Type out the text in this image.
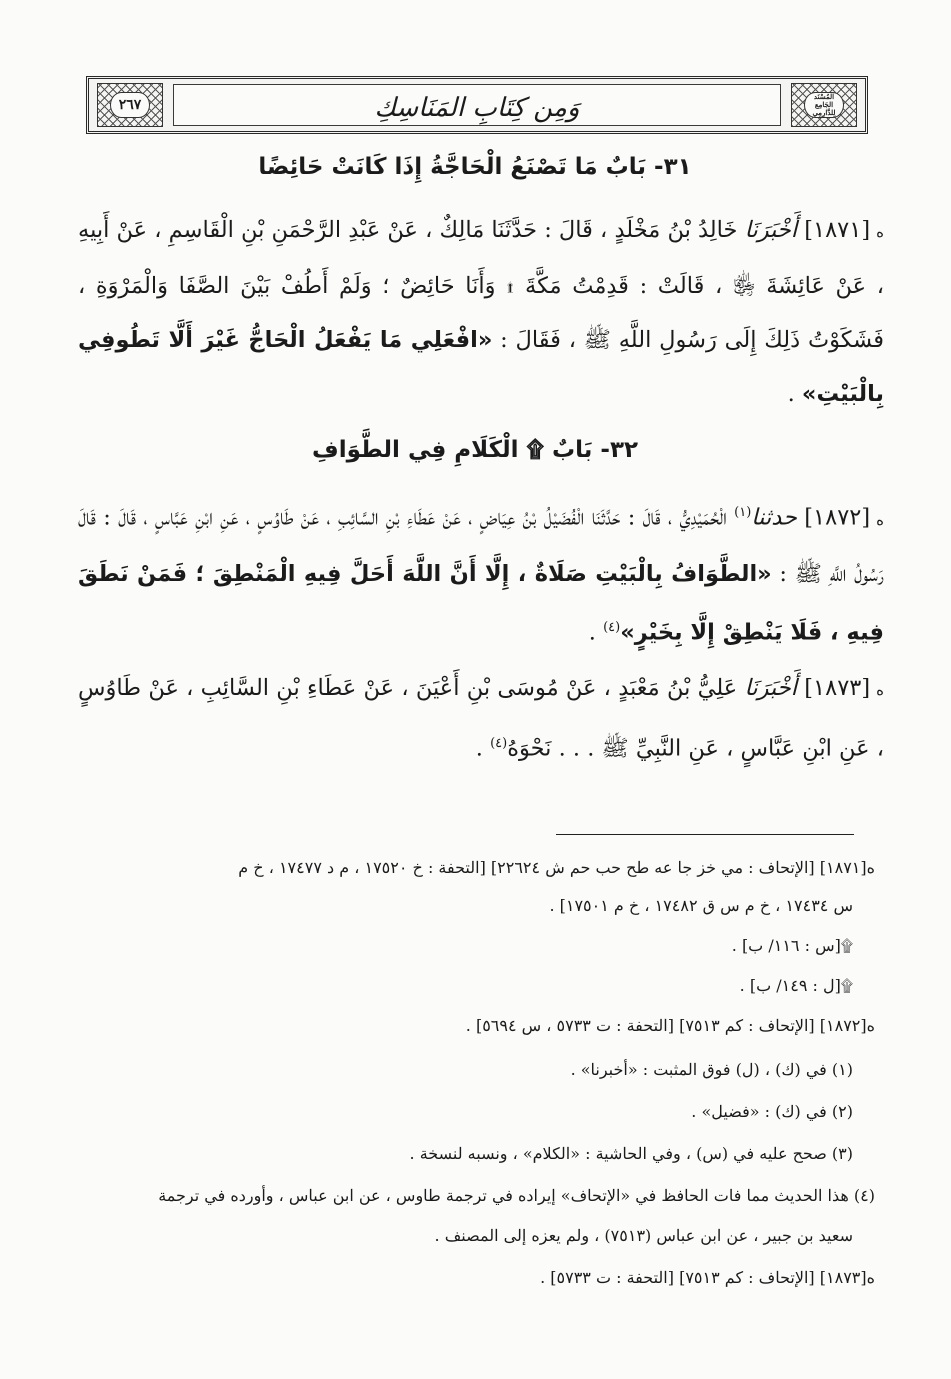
٢٦٧	وَمِن كِتَابِ المَنَاسِكِ	المُسْنَد الجَامِع لِلدَّارِمِي
٣١- بَابٌ مَا تَصْنَعُ الْحَاجَّةُ إِذَا كَانَتْ حَائِضًا
ه[١٨٧١] أَخْبَرَنَا خَالِدُ بْنُ مَخْلَدٍ ، قَالَ : حَدَّثَنَا مَالِكٌ ، عَنْ عَبْدِ الرَّحْمَنِ بْنِ الْقَاسِمِ ، عَنْ أَبِيهِ ، عَنْ عَائِشَةَ ﵂ ، قَالَتْ : قَدِمْتُ مَكَّةَ ۩ وَأَنَا حَائِضٌ ؛ وَلَمْ أَطُفْ بَيْنَ الصَّفَا وَالْمَرْوَةِ ، فَشَكَوْتُ ذَلِكَ إِلَى رَسُولِ اللَّهِ ﷺ ، فَقَالَ : «افْعَلِي مَا يَفْعَلُ الْحَاجُّ غَيْرَ أَلَّا تَطُوفِي بِالْبَيْتِ» .
٣٢- بَابٌ ۩ الْكَلَامِ فِي الطَّوَافِ
ه[١٨٧٢] حدثنا$^{(١)}$ الْحُمَيْدِيُّ ، قَالَ : حَدَّثَنَا الْفُضَيْلُ بْنُ عِيَاضٍ ، عَنْ عَطَاءِ بْنِ السَّائِبِ ، عَنْ طَاوُسٍ ، عَنِ ابْنِ عَبَّاسٍ ، قَالَ : قَالَ رَسُولُ اللَّهِ ﷺ : «الطَّوَافُ بِالْبَيْتِ صَلَاةٌ ، إِلَّا أَنَّ اللَّهَ أَحَلَّ فِيهِ الْمَنْطِقَ ؛ فَمَنْ نَطَقَ فِيهِ ، فَلَا يَنْطِقْ إِلَّا بِخَيْرٍ»$^{(٤)}$ .
ه[١٨٧٣] أَخْبَرَنَا عَلِيُّ بْنُ مَعْبَدٍ ، عَنْ مُوسَى بْنِ أَعْيَنَ ، عَنْ عَطَاءِ بْنِ السَّائِبِ ، عَنْ طَاوُسٍ ، عَنِ ابْنِ عَبَّاسٍ ، عَنِ النَّبِيِّ ﷺ . . . نَحْوَهُ$^{(٤)}$ .
ه[١٨٧١] [الإتحاف : مي خز جا عه طح حب حم ش ٢٢٦٢٤] [التحفة : خ ١٧٥٢٠ ، م د ١٧٤٧٧ ، خ م
س ١٧٤٣٤ ، خ م س ق ١٧٤٨٢ ، خ م ١٧٥٠١] .
۩[س : ١١٦/ ب] .
۩[ل : ١٤٩/ ب] .
ه[١٨٧٢] [الإتحاف : كم ٧٥١٣] [التحفة : ت ٥٧٣٣ ، س ٥٦٩٤] .
(١) في (ك) ، (ل) فوق المثبت : «أخبرنا» .
(٢) في (ك) : «فضيل» .
(٣) صحح عليه في (س) ، وفي الحاشية : «الكلام» ، ونسبه لنسخة .
(٤) هذا الحديث مما فات الحافظ في «الإتحاف» إيراده في ترجمة طاوس ، عن ابن عباس ، وأورده في ترجمة
سعيد بن جبير ، عن ابن عباس (٧٥١٣) ، ولم يعزه إلى المصنف .
ه[١٨٧٣] [الإتحاف : كم ٧٥١٣] [التحفة : ت ٥٧٣٣] .
